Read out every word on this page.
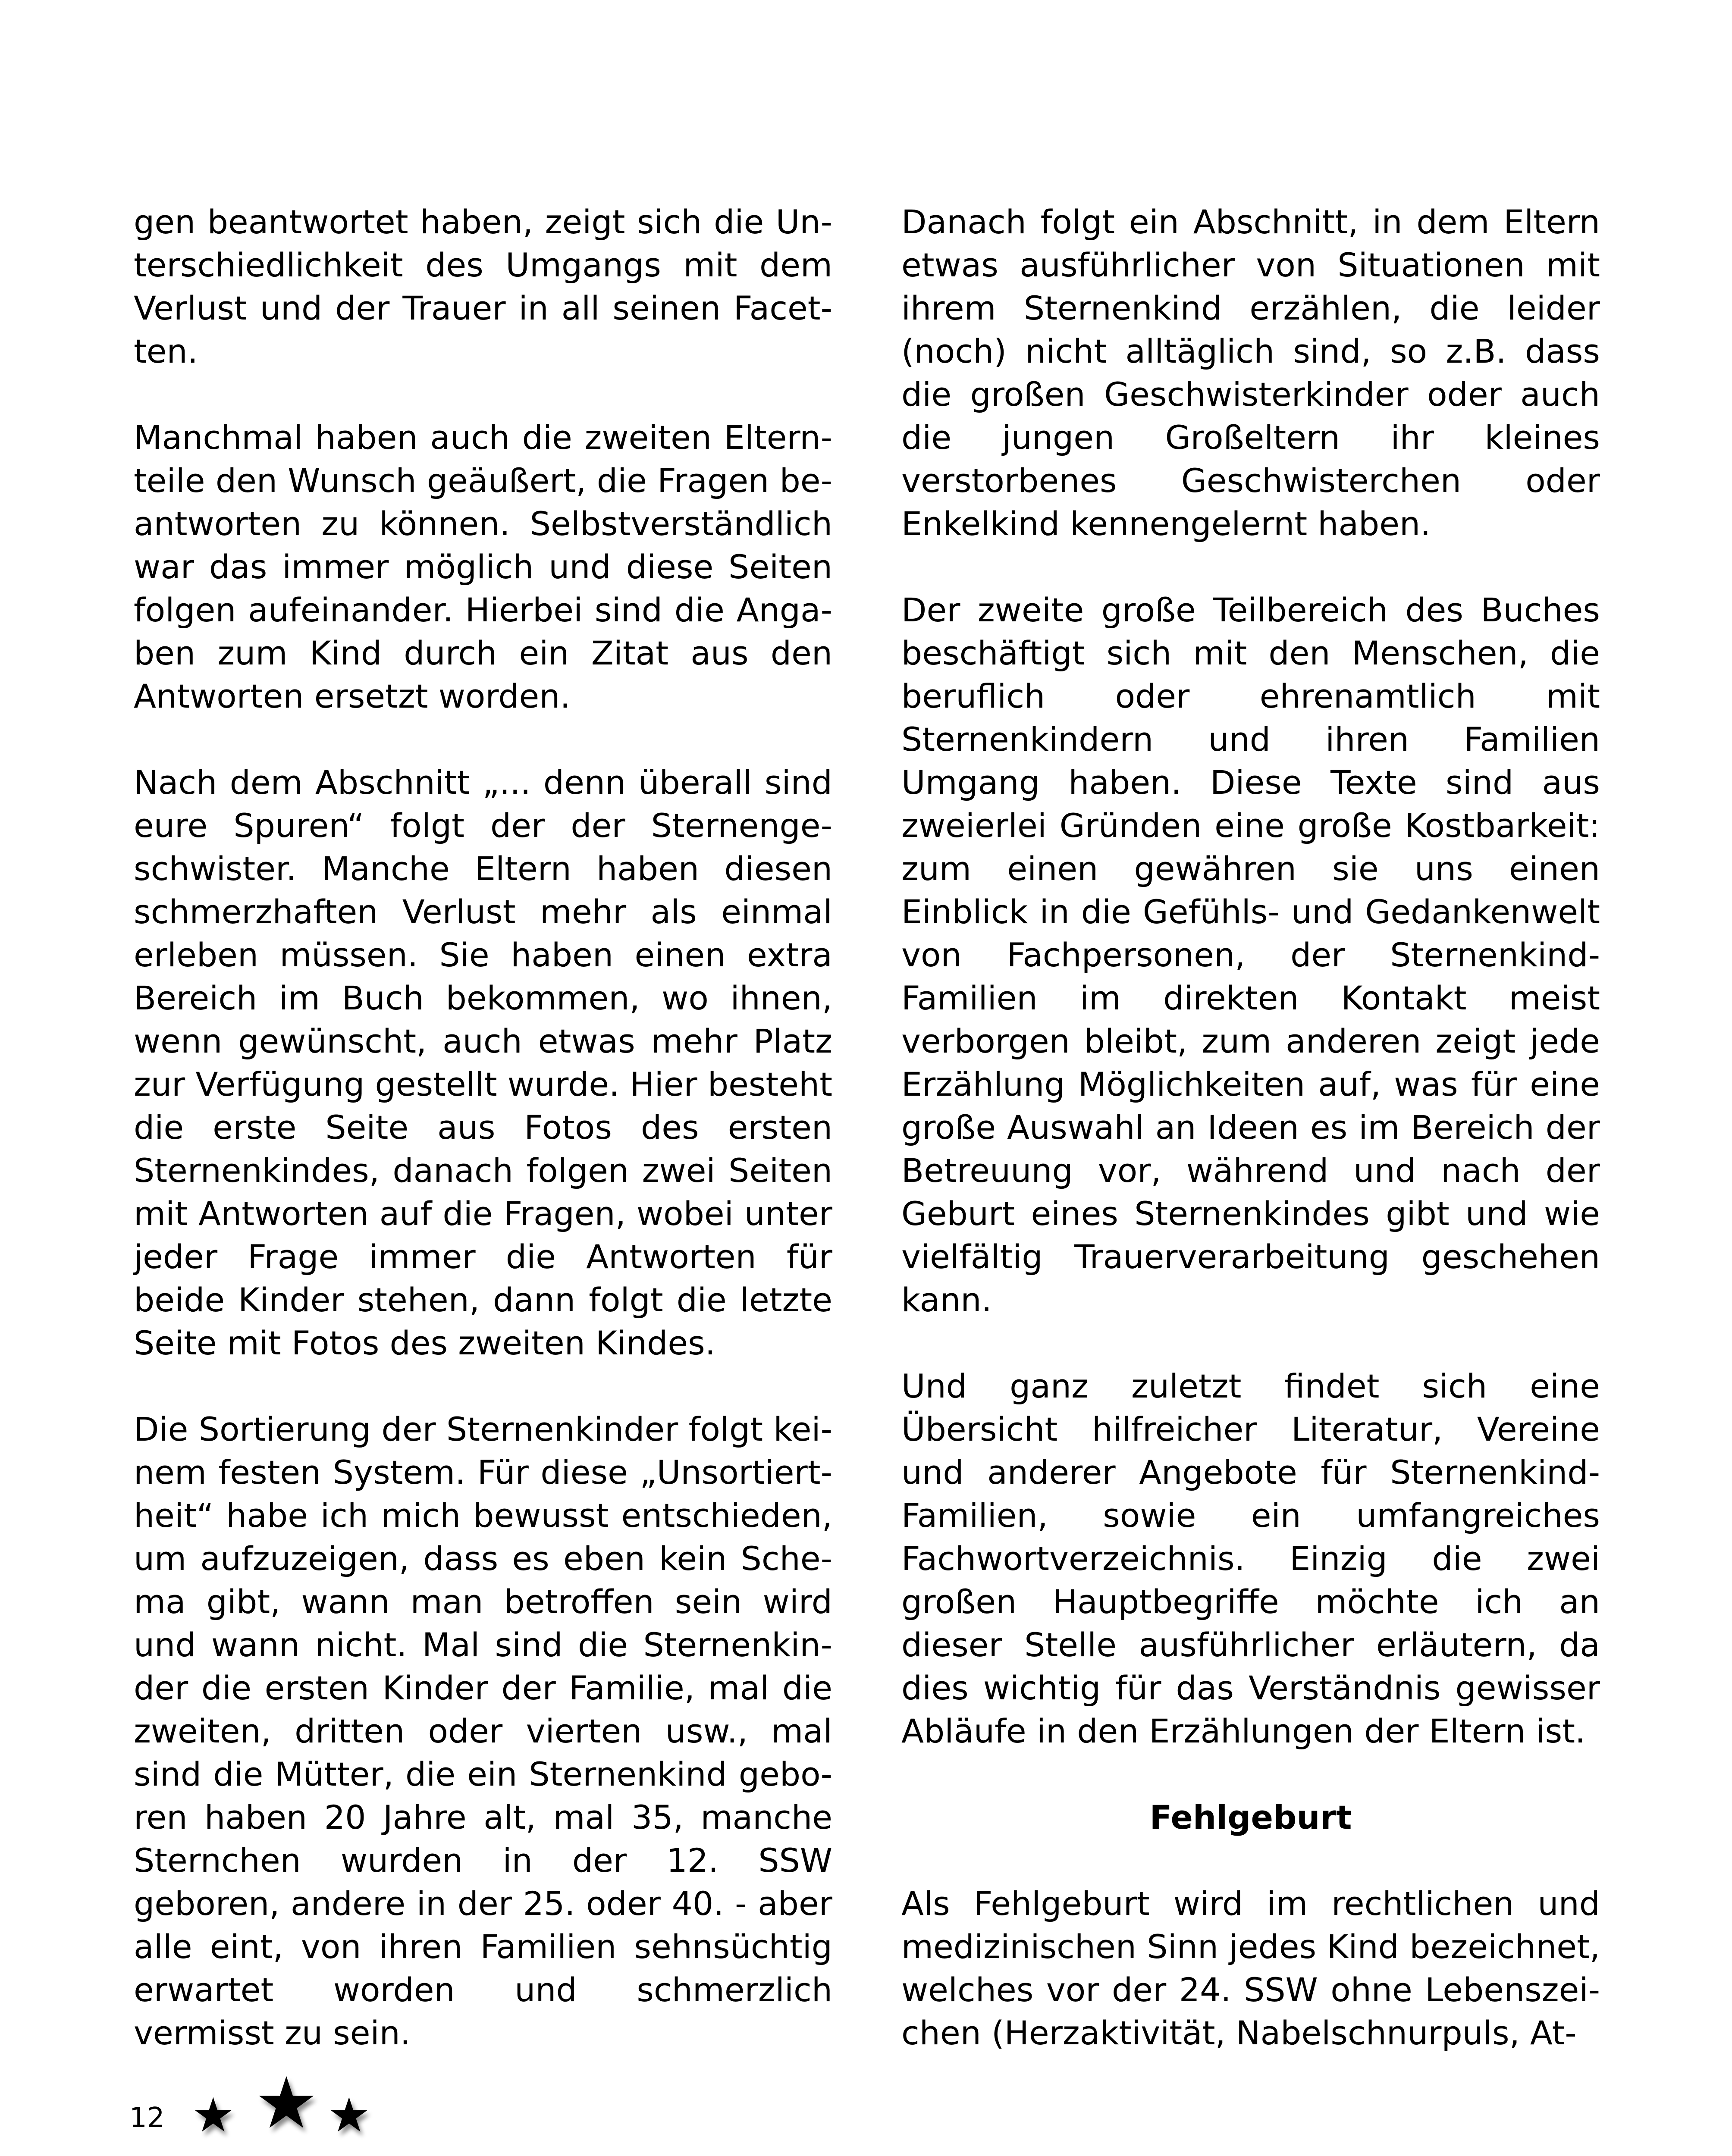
gen beantwortet haben, zeigt sich die Unterschiedlichkeit des Umgangs mit dem Verlust und der Trauer in all seinen Facetten.

Manchmal haben auch die zweiten Elternteile den Wunsch geäußert, die Fragen beantworten zu können. Selbstverständlich war das immer möglich und diese Seiten folgen aufeinander. Hierbei sind die Angaben zum Kind durch ein Zitat aus den Antworten ersetzt worden.

Nach dem Abschnitt „... denn überall sind eure Spuren“ folgt der der Sternengeschwister. Manche Eltern haben diesen schmerzhaften Verlust mehr als einmal erleben müssen. Sie haben einen extra Bereich im Buch bekommen, wo ihnen, wenn gewünscht, auch etwas mehr Platz zur Verfügung gestellt wurde. Hier besteht die erste Seite aus Fotos des ersten Sternenkindes, danach folgen zwei Seiten mit Antworten auf die Fragen, wobei unter jeder Frage immer die Antworten für beide Kinder stehen, dann folgt die letzte Seite mit Fotos des zweiten Kindes.

Die Sortierung der Sternenkinder folgt keinem festen System. Für diese „Unsortiertheit“ habe ich mich bewusst entschieden, um aufzuzeigen, dass es eben kein Schema gibt, wann man betroffen sein wird und wann nicht. Mal sind die Sternenkinder die ersten Kinder der Familie, mal die zweiten, dritten oder vierten usw., mal sind die Mütter, die ein Sternenkind geboren haben 20 Jahre alt, mal 35, manche Sternchen wurden in der 12. SSW geboren, andere in der 25. oder 40. - aber alle eint, von ihren Familien sehnsüchtig erwartet worden und schmerzlich vermisst zu sein.

Danach folgt ein Abschnitt, in dem Eltern etwas ausführlicher von Situationen mit ihrem Sternenkind erzählen, die leider (noch) nicht alltäglich sind, so z.B. dass die großen Geschwisterkinder oder auch die jungen Großeltern ihr kleines verstorbenes Geschwisterchen oder Enkelkind kennengelernt haben.

Der zweite große Teilbereich des Buches beschäftigt sich mit den Menschen, die beruflich oder ehrenamtlich mit Sternenkindern und ihren Familien Umgang haben. Diese Texte sind aus zweierlei Gründen eine große Kostbarkeit: zum einen gewähren sie uns einen Einblick in die Gefühls- und Gedankenwelt von Fachpersonen, der Sternenkind-Familien im direkten Kontakt meist verborgen bleibt, zum anderen zeigt jede Erzählung Möglichkeiten auf, was für eine große Auswahl an Ideen es im Bereich der Betreuung vor, während und nach der Geburt eines Sternenkindes gibt und wie vielfältig Trauerverarbeitung geschehen kann.

Und ganz zuletzt findet sich eine Übersicht hilfreicher Literatur, Vereine und anderer Angebote für Sternenkind-Familien, sowie ein umfangreiches Fachwortverzeichnis. Einzig die zwei großen Hauptbegriffe möchte ich an dieser Stelle ausführlicher erläutern, da dies wichtig für das Verständnis gewisser Abläufe in den Erzählungen der Eltern ist.

Fehlgeburt

Als Fehlgeburt wird im rechtlichen und medizinischen Sinn jedes Kind bezeichnet, welches vor der 24. SSW ohne Lebenszeichen (Herzaktivität, Nabelschnurpuls, At-

12 ★ ★ ★
